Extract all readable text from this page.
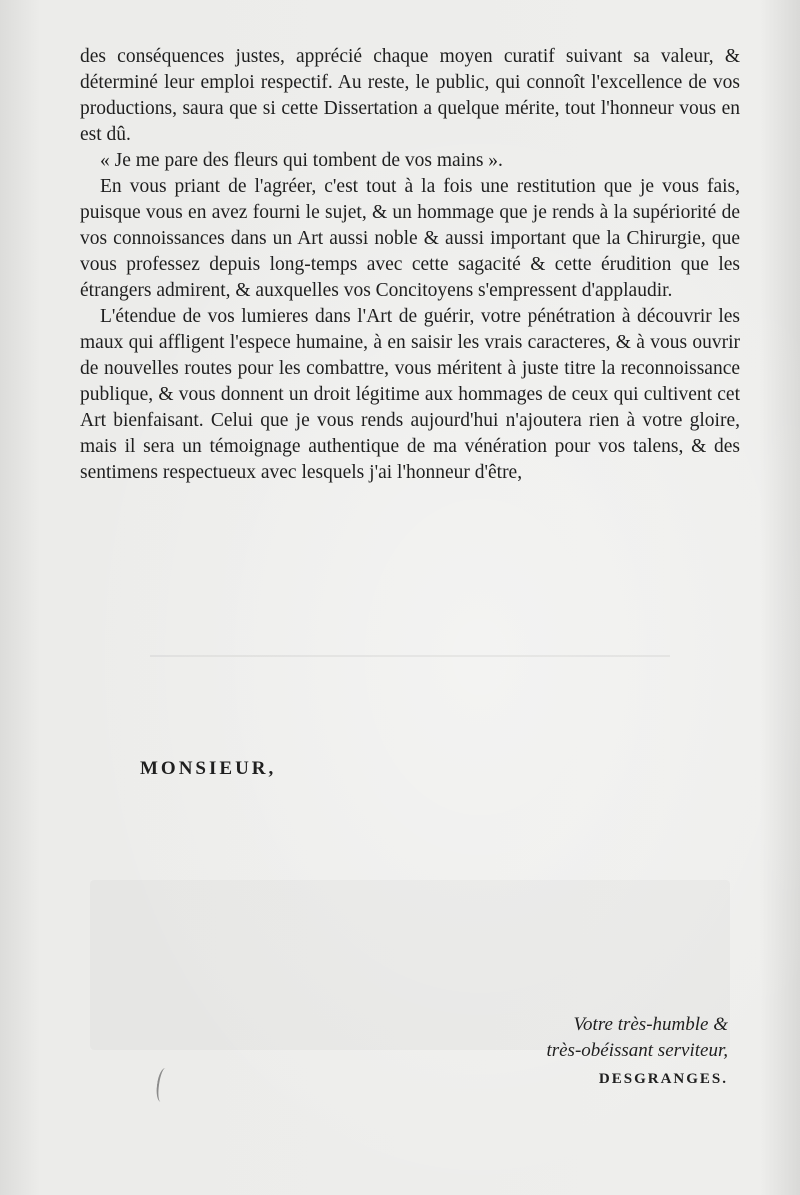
des conséquences justes, apprécié chaque moyen curatif suivant sa valeur, & déterminé leur emploi respectif. Au reste, le public, qui connoît l'excellence de vos productions, saura que si cette Dissertation a quelque mérite, tout l'honneur vous en est dû.

« Je me pare des fleurs qui tombent de vos mains ».

En vous priant de l'agréer, c'est tout à la fois une restitution que je vous fais, puisque vous en avez fourni le sujet, & un hommage que je rends à la supériorité de vos connoissances dans un Art aussi noble & aussi important que la Chirurgie, que vous professez depuis long-temps avec cette sagacité & cette érudition que les étrangers admirent, & auxquelles vos Concitoyens s'empressent d'applaudir.

L'étendue de vos lumieres dans l'Art de guérir, votre pénétration à découvrir les maux qui affligent l'espece humaine, à en saisir les vrais caracteres, & à vous ouvrir de nouvelles routes pour les combattre, vous méritent à juste titre la reconnoissance publique, & vous donnent un droit légitime aux hommages de ceux qui cultivent cet Art bienfaisant. Celui que je vous rends aujourd'hui n'ajoutera rien à votre gloire, mais il sera un témoignage authentique de ma vénération pour vos talens, & des sentimens respectueux avec lesquels j'ai l'honneur d'être,

MONSIEUR,
Votre très-humble &
très-obéissant serviteur,
DESGRANGES.
